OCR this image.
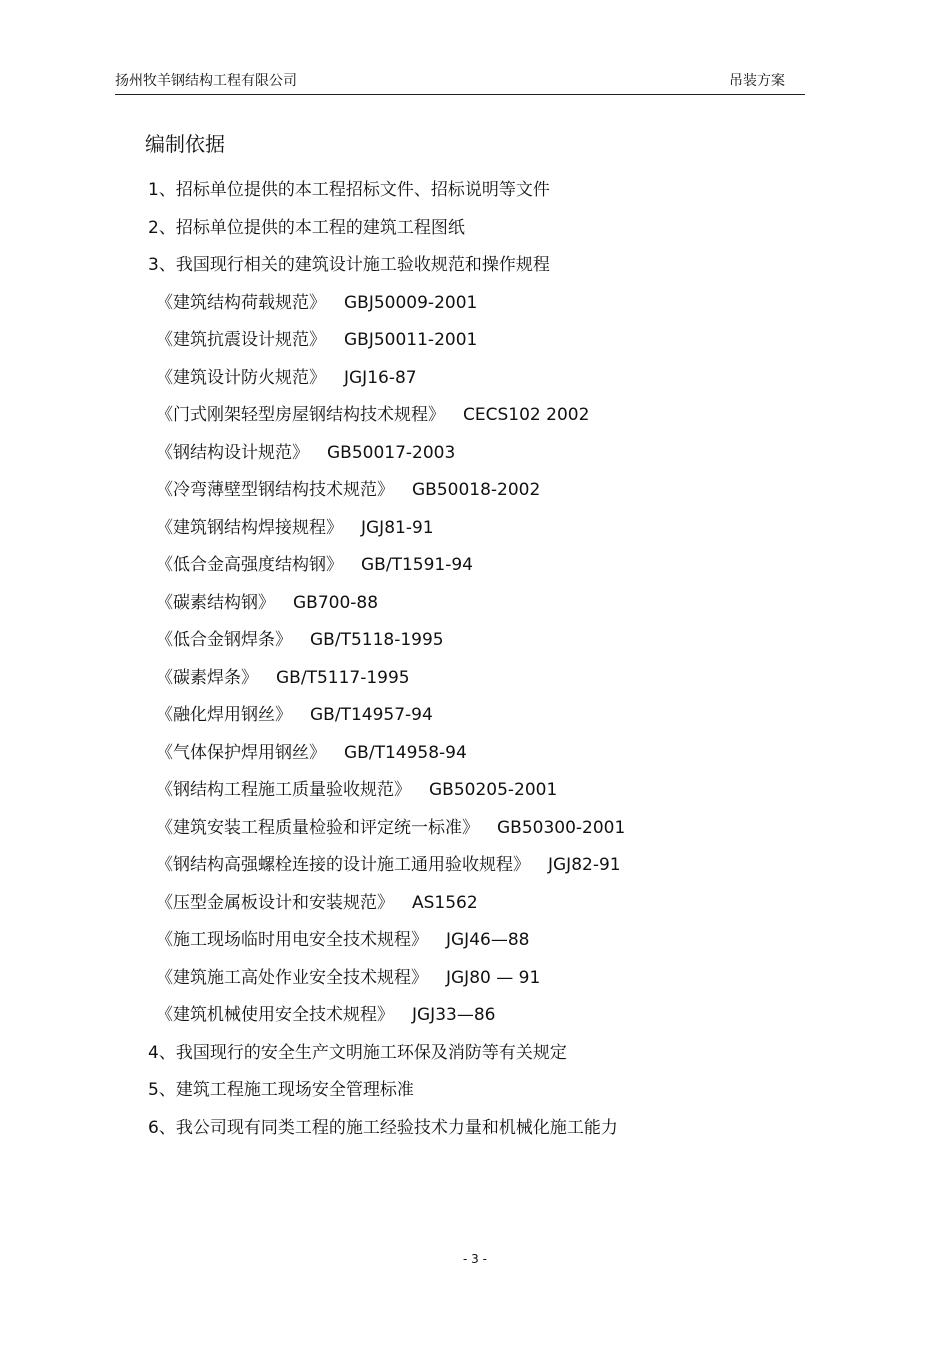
扬州牧羊钢结构工程有限公司	吊装方案
编制依据
1、招标单位提供的本工程招标文件、招标说明等文件
2、招标单位提供的本工程的建筑工程图纸
3、我国现行相关的建筑设计施工验收规范和操作规程
《建筑结构荷载规范》 GBJ50009-2001
《建筑抗震设计规范》 GBJ50011-2001
《建筑设计防火规范》 JGJ16-87
《门式刚架轻型房屋钢结构技术规程》 CECS102 2002
《钢结构设计规范》 GB50017-2003
《冷弯薄壁型钢结构技术规范》 GB50018-2002
《建筑钢结构焊接规程》 JGJ81-91
《低合金高强度结构钢》 GB/T1591-94
《碳素结构钢》 GB700-88
《低合金钢焊条》 GB/T5118-1995
《碳素焊条》 GB/T5117-1995
《融化焊用钢丝》 GB/T14957-94
《气体保护焊用钢丝》 GB/T14958-94
《钢结构工程施工质量验收规范》 GB50205-2001
《建筑安装工程质量检验和评定统一标准》 GB50300-2001
《钢结构高强螺栓连接的设计施工通用验收规程》 JGJ82-91
《压型金属板设计和安装规范》 AS1562
《施工现场临时用电安全技术规程》 JGJ46—88
《建筑施工高处作业安全技术规程》 JGJ80 — 91
《建筑机械使用安全技术规程》 JGJ33—86
4、我国现行的安全生产文明施工环保及消防等有关规定
5、建筑工程施工现场安全管理标准
6、我公司现有同类工程的施工经验技术力量和机械化施工能力
- 3 -
